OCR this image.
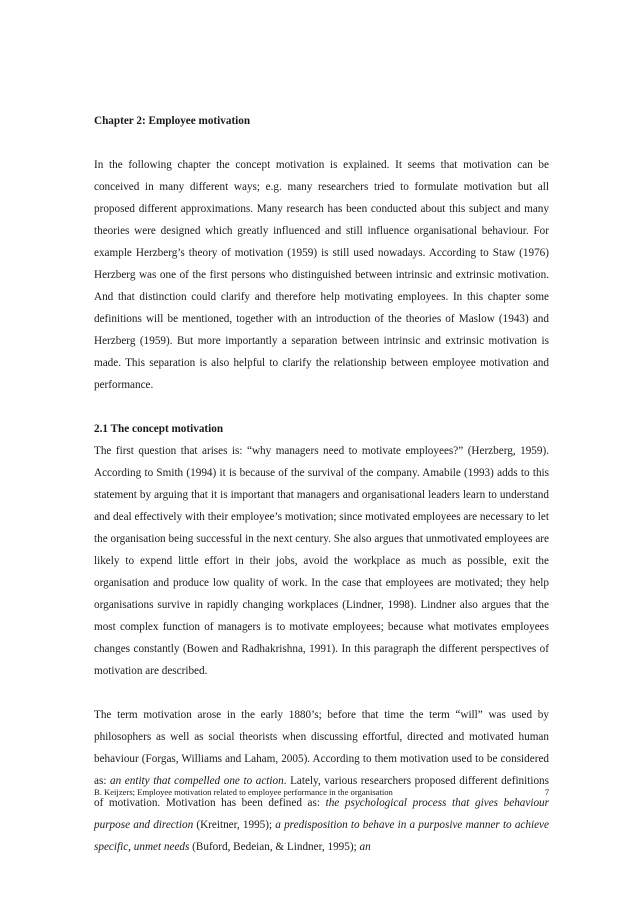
Chapter 2: Employee motivation

In the following chapter the concept motivation is explained. It seems that motivation can be conceived in many different ways; e.g. many researchers tried to formulate motivation but all proposed different approximations. Many research has been conducted about this subject and many theories were designed which greatly influenced and still influence organisational behaviour. For example Herzberg’s theory of motivation (1959) is still used nowadays. According to Staw (1976) Herzberg was one of the first persons who distinguished between intrinsic and extrinsic motivation. And that distinction could clarify and therefore help motivating employees. In this chapter some definitions will be mentioned, together with an introduction of the theories of Maslow (1943) and Herzberg (1959). But more importantly a separation between intrinsic and extrinsic motivation is made. This separation is also helpful to clarify the relationship between employee motivation and performance.

2.1 The concept motivation

The first question that arises is: “why managers need to motivate employees?” (Herzberg, 1959). According to Smith (1994) it is because of the survival of the company. Amabile (1993) adds to this statement by arguing that it is important that managers and organisational leaders learn to understand and deal effectively with their employee’s motivation; since motivated employees are necessary to let the organisation being successful in the next century. She also argues that unmotivated employees are likely to expend little effort in their jobs, avoid the workplace as much as possible, exit the organisation and produce low quality of work. In the case that employees are motivated; they help organisations survive in rapidly changing workplaces (Lindner, 1998). Lindner also argues that the most complex function of managers is to motivate employees; because what motivates employees changes constantly (Bowen and Radhakrishna, 1991). In this paragraph the different perspectives of motivation are described.

The term motivation arose in the early 1880’s; before that time the term “will” was used by philosophers as well as social theorists when discussing effortful, directed and motivated human behaviour (Forgas, Williams and Laham, 2005). According to them motivation used to be considered as: an entity that compelled one to action. Lately, various researchers proposed different definitions of motivation. Motivation has been defined as: the psychological process that gives behaviour purpose and direction (Kreitner, 1995); a predisposition to behave in a purposive manner to achieve specific, unmet needs (Buford, Bedeian, & Lindner, 1995); an

B. Keijzers; Employee motivation related to employee performance in the organisation	7
